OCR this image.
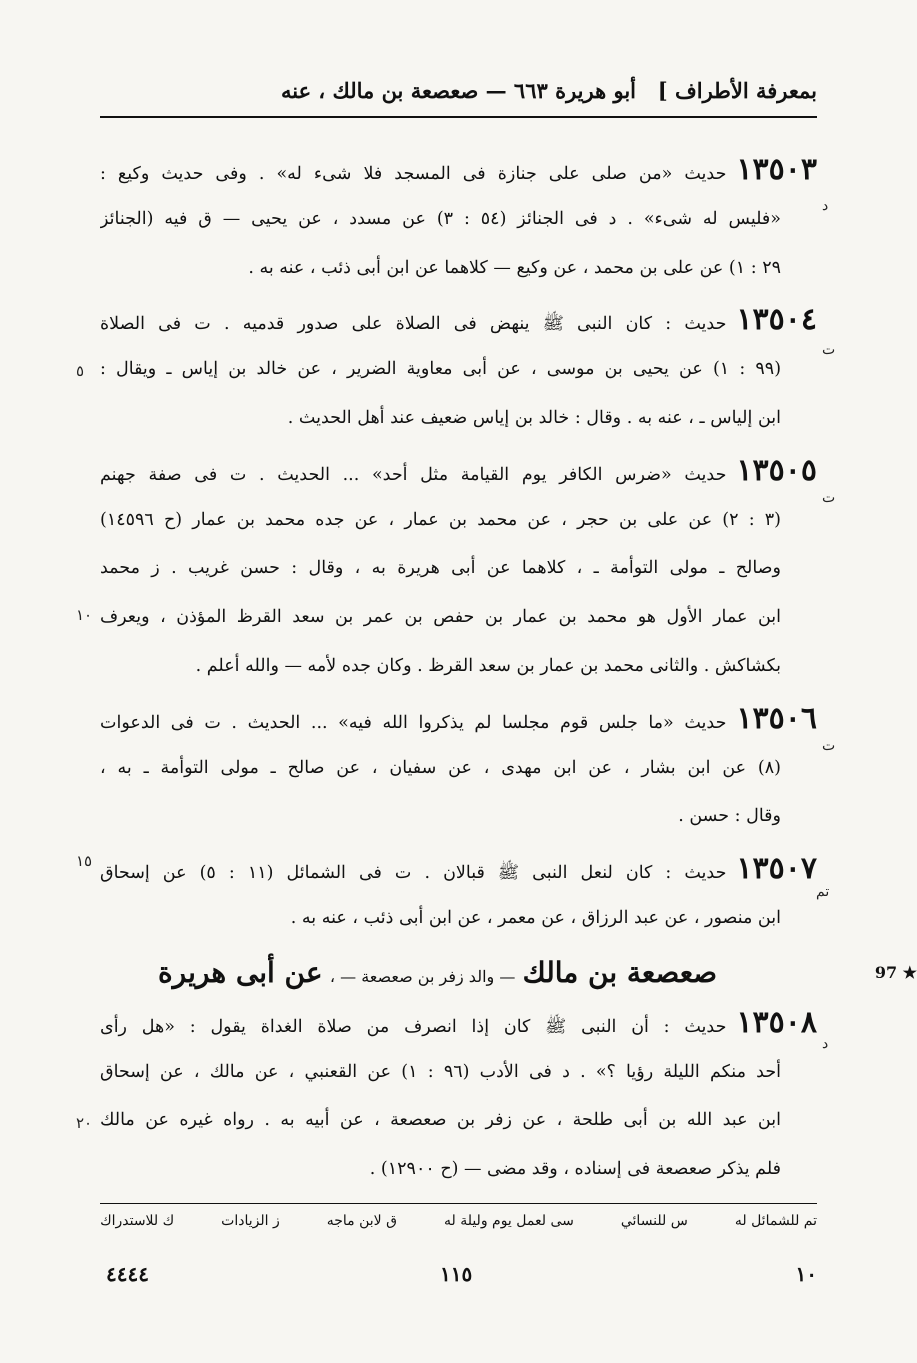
بمعرفة الأطراف ]
أبو هريرة ٦٦٣ — صعصعة بن مالك ، عنه
١٣٥٠٣حديث «من صلى على جنازة فى المسجد فلا شىء له» . وفى حديث وكيع :
«فليس له شىء» . د فى الجنائز (٥٤ : ٣) عن مسدد ، عن يحيى — ق فيه (الجنائز
٢٩ : ١) عن على بن محمد ، عن وكيع — كلاهما عن ابن أبى ذئب ، عنه به .
١٣٥٠٤حديث : كان النبى ﷺ ينهض فى الصلاة على صدور قدميه . ت فى الصلاة
(٩٩ : ١) عن يحيى بن موسى ، عن أبى معاوية الضرير ، عن خالد بن إياس ـ ويقال :
ابن إلياس ـ ، عنه به . وقال : خالد بن إياس ضعيف عند أهل الحديث .
١٣٥٠٥حديث «ضرس الكافر يوم القيامة مثل أحد» ... الحديث . ت فى صفة جهنم
(٣ : ٢) عن على بن حجر ، عن محمد بن عمار ، عن جده محمد بن عمار (ح ١٤٥٩٦)
وصالح ـ مولى التوأمة ـ ، كلاهما عن أبى هريرة به ، وقال : حسن غريب . ز محمد
ابن عمار الأول هو محمد بن عمار بن حفص بن عمر بن سعد القرظ المؤذن ، ويعرف
بكشاكش . والثانى محمد بن عمار بن سعد القرظ . وكان جده لأمه — والله أعلم .
١٣٥٠٦حديث «ما جلس قوم مجلسا لم يذكروا الله فيه» ... الحديث . ت فى الدعوات
(٨) عن ابن بشار ، عن ابن مهدى ، عن سفيان ، عن صالح ـ مولى التوأمة ـ به ،
وقال : حسن .
١٣٥٠٧حديث : كان لنعل النبى ﷺ قبالان . ت فى الشمائل (١١ : ٥) عن إسحاق
ابن منصور ، عن عبد الرزاق ، عن معمر ، عن ابن أبى ذئب ، عنه به .
97 ★
صعصعة بن مالك — والد زفر بن صعصعة — ، عن أبى هريرة
١٣٥٠٨حديث : أن النبى ﷺ كان إذا انصرف من صلاة الغداة يقول : «هل رأى
أحد منكم الليلة رؤيا ؟» . د فى الأدب (٩٦ : ١) عن القعنبي ، عن مالك ، عن إسحاق
ابن عبد الله بن أبى طلحة ، عن زفر بن صعصعة ، عن أبيه به . رواه غيره عن مالك
فلم يذكر صعصعة فى إسناده ، وقد مضى — (ح ١٢٩٠٠) .
د
ت
ت
ت
تم
د
٥
١٠
١٥
٢٠
تم للشمائل له
س للنسائي
سى لعمل يوم وليلة له
ق لابن ماجه
ز الزيادات
ك للاستدراك
١٠
١١٥
٤٤٤٤
